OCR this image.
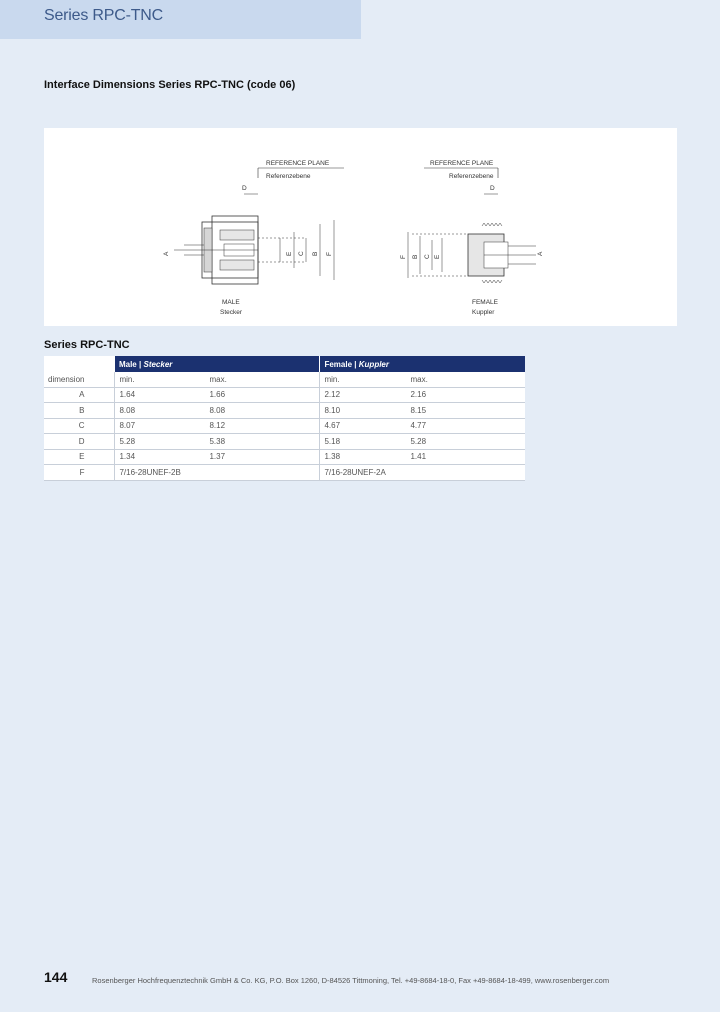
Series RPC-TNC
Interface Dimensions Series RPC-TNC (code 06)
REFERENCE PLANE
Referenzebene
REFERENCE PLANE
Referenzebene
D
A	E C B F
MALE
Stecker
D
A
F B C E
FEMALE
Kuppler
Series RPC-TNC
	Male | Stecker		Female | Kuppler	
dimension	min.	max.	min.	max.
A	1.64	1.66	2.12	2.16
B	8.08	8.08	8.10	8.15
C	8.07	8.12	4.67	4.77
D	5.28	5.38	5.18	5.28
E	1.34	1.37	1.38	1.41
F	7/16-28UNEF-2B		7/16-28UNEF-2A	
144	Rosenberger Hochfrequenztechnik GmbH & Co. KG, P.O. Box 1260, D-84526 Tittmoning, Tel. +49-8684-18-0, Fax +49-8684-18-499, www.rosenberger.com
